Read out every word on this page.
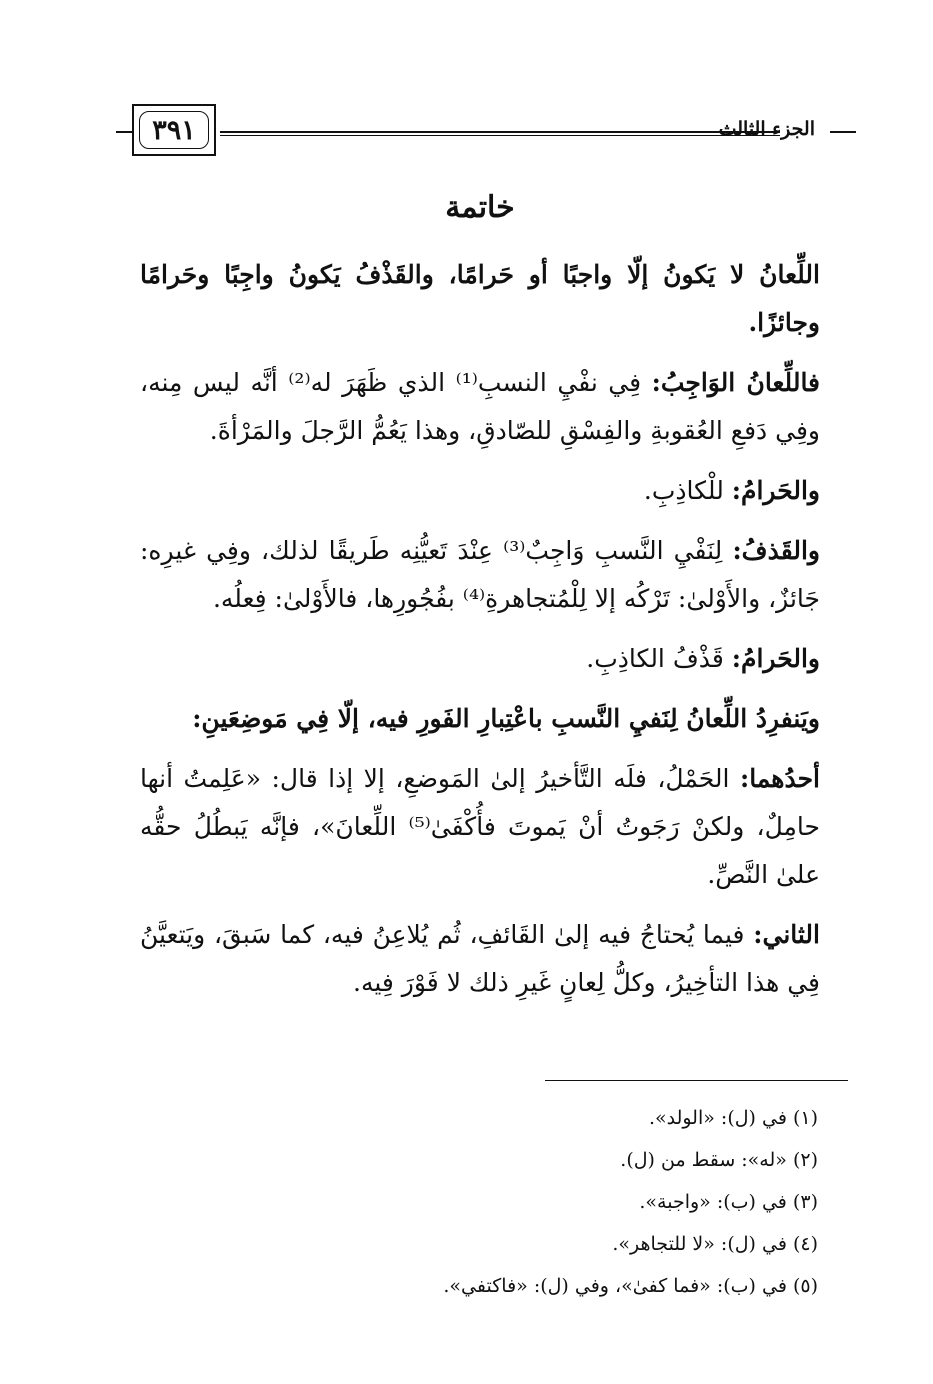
٣٩١	الجزء الثالث
خاتمة

اللِّعانُ لا يَكونُ إلّا واجبًا أو حَرامًا، والقَذْفُ يَكونُ واجِبًا وحَرامًا وجائزًا.

فاللِّعانُ الوَاجِبُ: فِي نفْيِ النسبِ⁽¹⁾ الذي ظَهَرَ له⁽²⁾ أنَّه ليس مِنه، وفِي دَفعِ العُقوبةِ والفِسْقِ للصّادقِ، وهذا يَعُمُّ الرَّجلَ والمَرْأةَ.

والحَرامُ: للْكاذِبِ.

والقَذفُ: لِنَفْيِ النَّسبِ وَاجِبٌ⁽³⁾ عِنْدَ تَعيُّنِه طَريقًا لذلك، وفِي غيرِه: جَائزٌ، والأَوْلىٰ: تَرْكُه إلا لِلْمُتجاهرةِ⁽⁴⁾ بفُجُورِها، فالأَوْلىٰ: فِعلُه.

والحَرامُ: قَذْفُ الكاذِبِ.

ويَنفرِدُ اللِّعانُ لِنَفيِ النَّسبِ باعْتِبارِ الفَورِ فيه، إلّا فِي مَوضِعَينِ:

أحدُهما: الحَمْلُ، فلَه التَّأخيرُ إلىٰ المَوضعِ، إلا إذا قال: «عَلِمتُ أنها حامِلٌ، ولكنْ رَجَوتُ أنْ يَموتَ فأُكْفَىٰ⁽⁵⁾ اللِّعانَ»، فإنَّه يَبطُلُ حقُّه علىٰ النَّصِّ.

الثاني: فيما يُحتاجُ فيه إلىٰ القَائفِ، ثُم يُلاعِنُ فيه، كما سَبقَ، ويَتعيَّنُ فِي هذا التأخِيرُ، وكلُّ لِعانٍ غَيرِ ذلك لا فَوْرَ فِيه.

(١) في (ل): «الولد».
(٢) «له»: سقط من (ل).
(٣) في (ب): «واجبة».
(٤) في (ل): «لا للتجاهر».
(٥) في (ب): «فما كفىٰ»، وفي (ل): «فاكتفي».
